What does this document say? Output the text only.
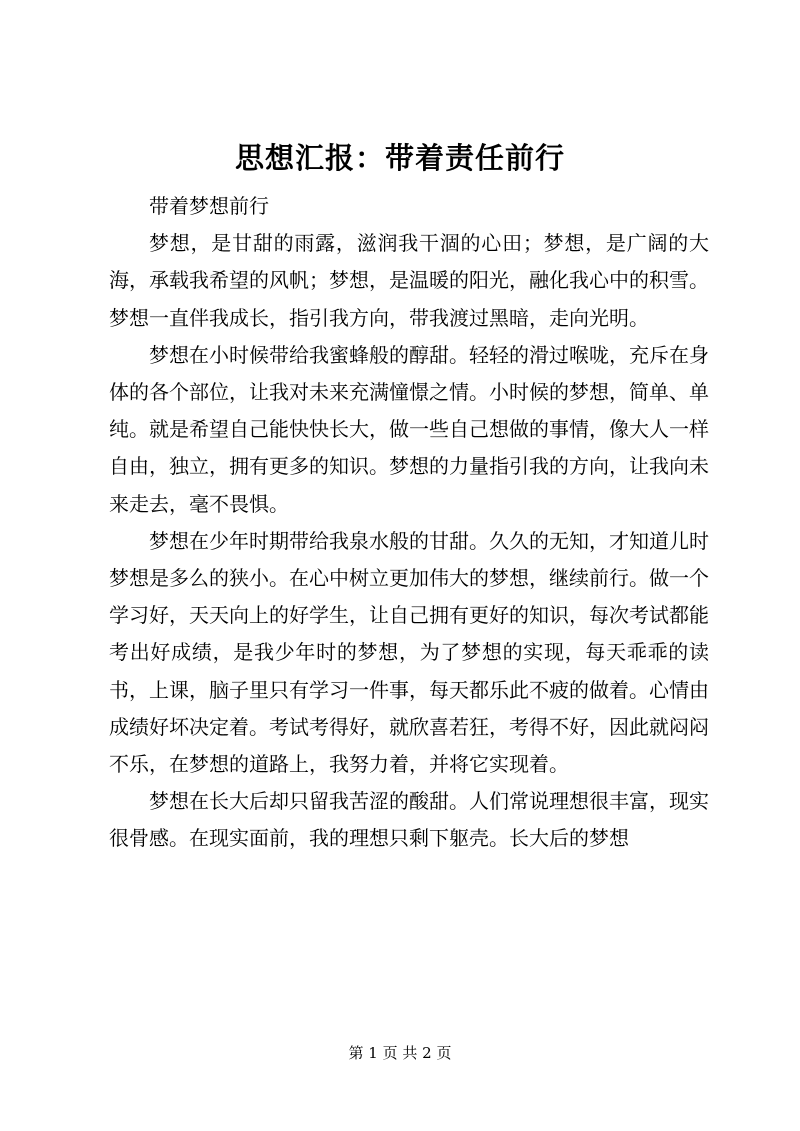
思想汇报：带着责任前行

带着梦想前行

梦想，是甘甜的雨露，滋润我干涸的心田；梦想，是广阔的大海，承载我希望的风帆；梦想，是温暖的阳光，融化我心中的积雪。梦想一直伴我成长，指引我方向，带我渡过黑暗，走向光明。

梦想在小时候带给我蜜蜂般的醇甜。轻轻的滑过喉咙，充斥在身体的各个部位，让我对未来充满憧憬之情。小时候的梦想，简单、单纯。就是希望自己能快快长大，做一些自己想做的事情，像大人一样自由，独立，拥有更多的知识。梦想的力量指引我的方向，让我向未来走去，毫不畏惧。

梦想在少年时期带给我泉水般的甘甜。久久的无知，才知道儿时梦想是多么的狭小。在心中树立更加伟大的梦想，继续前行。做一个学习好，天天向上的好学生，让自己拥有更好的知识，每次考试都能考出好成绩，是我少年时的梦想，为了梦想的实现，每天乖乖的读书，上课，脑子里只有学习一件事，每天都乐此不疲的做着。心情由成绩好坏决定着。考试考得好，就欣喜若狂，考得不好，因此就闷闷不乐，在梦想的道路上，我努力着，并将它实现着。

梦想在长大后却只留我苦涩的酸甜。人们常说理想很丰富，现实很骨感。在现实面前，我的理想只剩下躯壳。长大后的梦想

第 1 页 共 2 页
